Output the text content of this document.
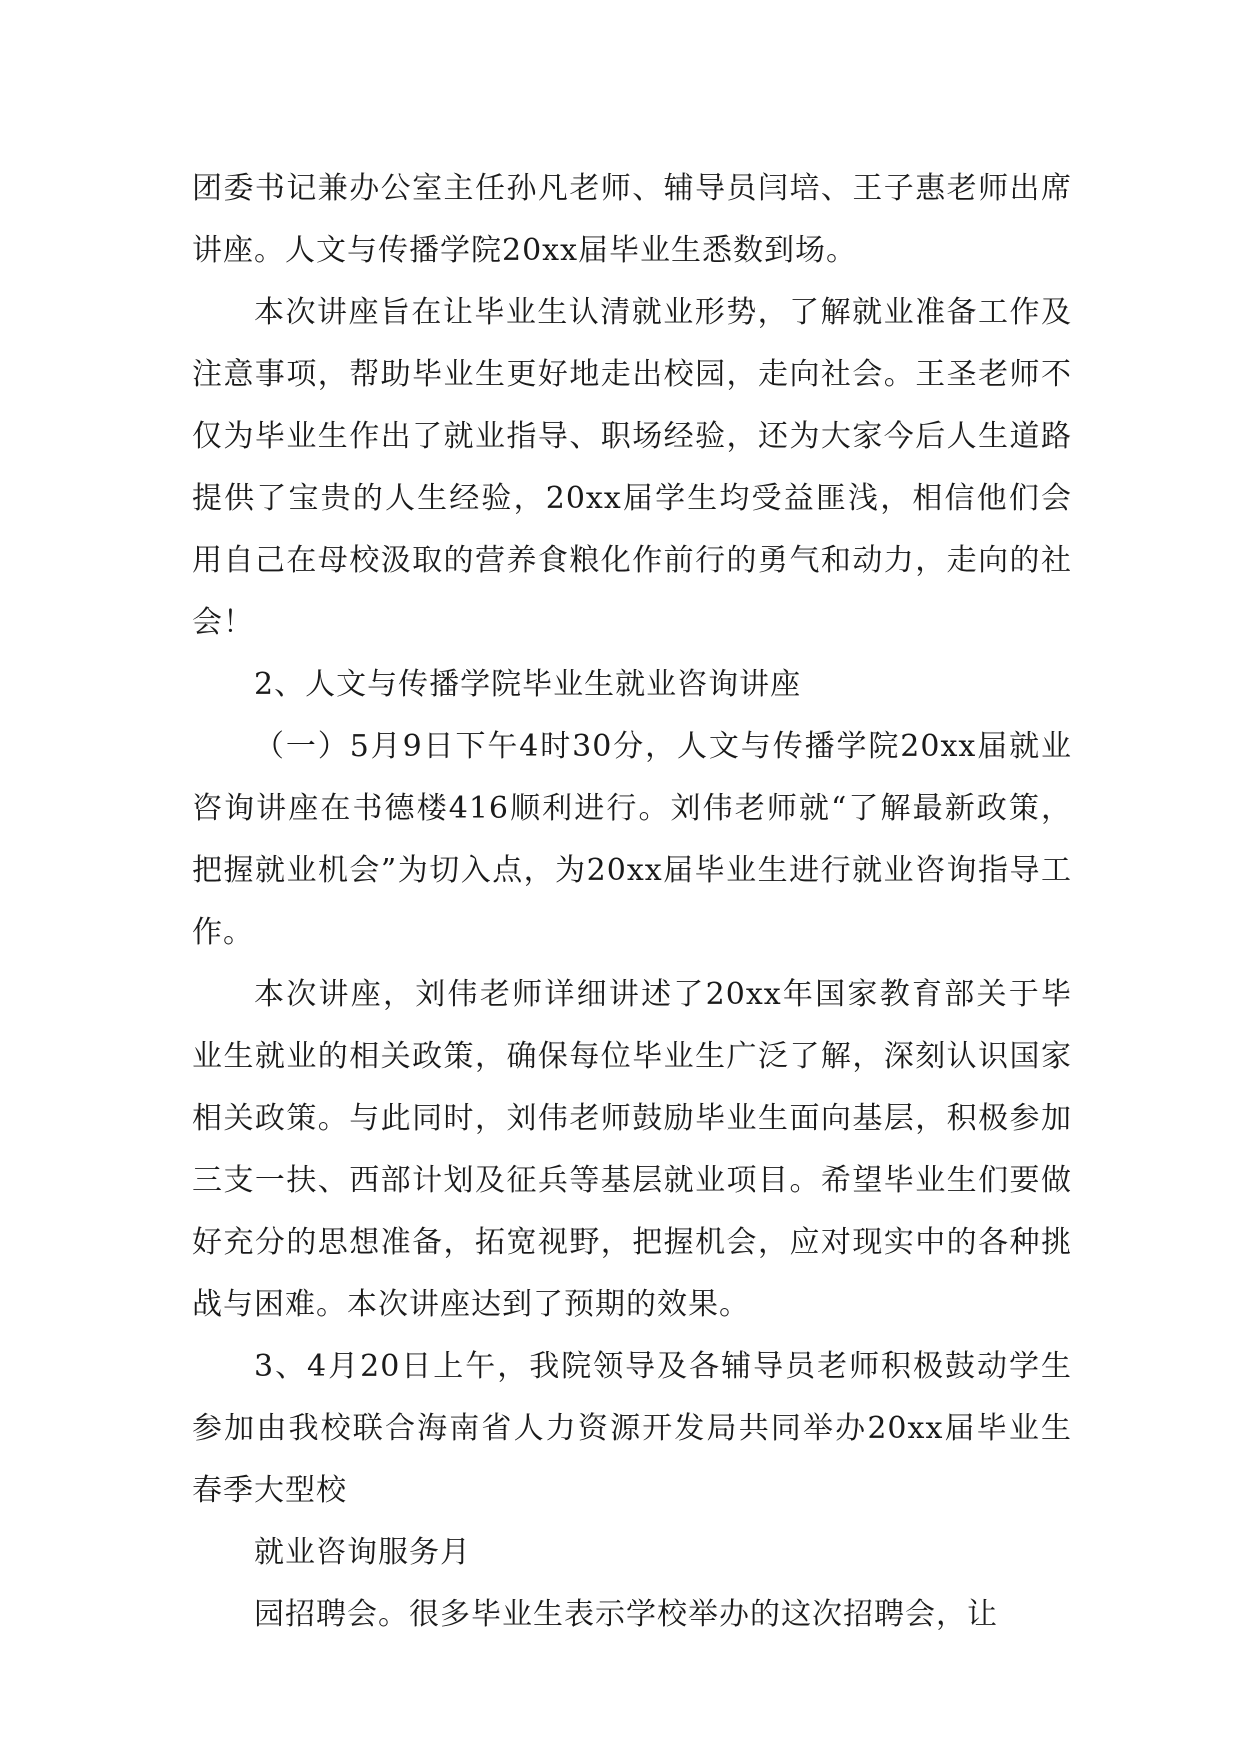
团委书记兼办公室主任孙凡老师、辅导员闫培、王子惠老师出席讲座。人文与传播学院20xx届毕业生悉数到场。

本次讲座旨在让毕业生认清就业形势，了解就业准备工作及注意事项，帮助毕业生更好地走出校园，走向社会。王圣老师不仅为毕业生作出了就业指导、职场经验，还为大家今后人生道路提供了宝贵的人生经验，20xx届学生均受益匪浅，相信他们会用自己在母校汲取的营养食粮化作前行的勇气和动力，走向的社会！

2、人文与传播学院毕业生就业咨询讲座

（一）5月9日下午4时30分，人文与传播学院20xx届就业咨询讲座在书德楼416顺利进行。刘伟老师就“了解最新政策，把握就业机会”为切入点，为20xx届毕业生进行就业咨询指导工作。

本次讲座，刘伟老师详细讲述了20xx年国家教育部关于毕业生就业的相关政策，确保每位毕业生广泛了解，深刻认识国家相关政策。与此同时，刘伟老师鼓励毕业生面向基层，积极参加三支一扶、西部计划及征兵等基层就业项目。希望毕业生们要做好充分的思想准备，拓宽视野，把握机会，应对现实中的各种挑战与困难。本次讲座达到了预期的效果。

3、4月20日上午，我院领导及各辅导员老师积极鼓动学生参加由我校联合海南省人力资源开发局共同举办20xx届毕业生春季大型校

就业咨询服务月

园招聘会。很多毕业生表示学校举办的这次招聘会，让
